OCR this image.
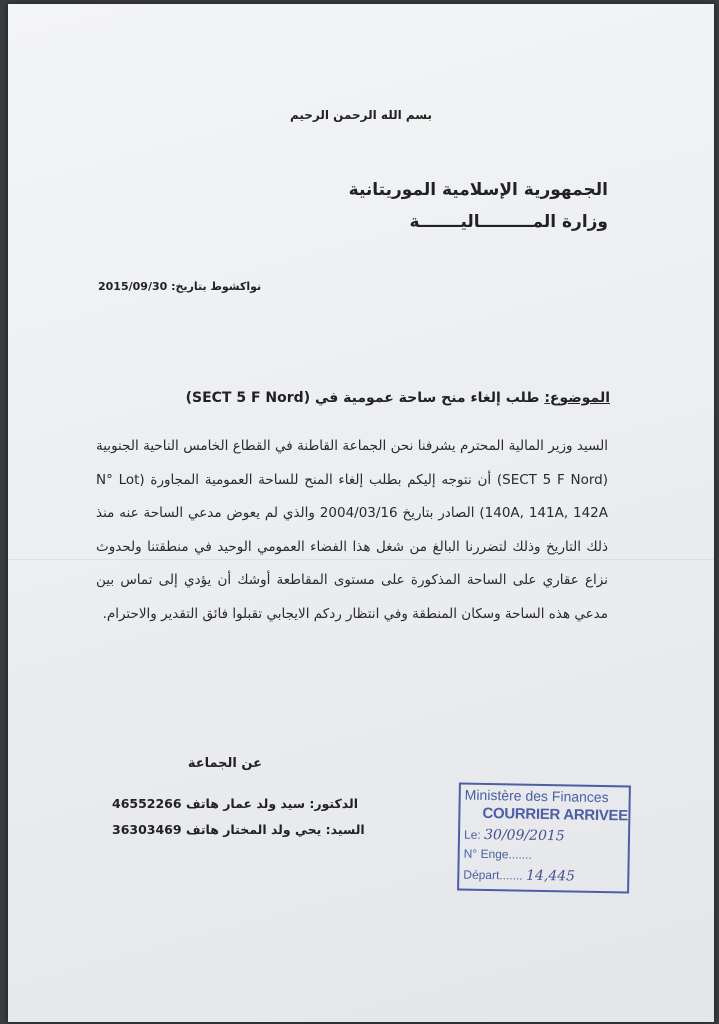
بسم الله الرحمن الرحيم
الجمهورية الإسلامية الموريتانية
وزارة المـــــــــاليـــــــة
نواكشوط بتاريخ: 2015/09/30
الموضوع: طلب إلغاء منح ساحة عمومية في (SECT 5 F Nord)
السيد وزير المالية المحترم يشرفنا نحن الجماعة القاطنة في القطاع الخامس الناحية الجنوبية (SECT 5 F Nord) أن نتوجه إليكم بطلب إلغاء المنح للساحة العمومية المجاورة (N° Lot 140A, 141A, 142A) الصادر بتاريخ 2004/03/16 والذي لم يعوض مدعي الساحة عنه منذ ذلك التاريخ وذلك لتضررنا البالغ من شغل هذا الفضاء العمومي الوحيد في منطقتنا ولحدوث نزاع عقاري على الساحة المذكورة على مستوى المقاطعة أوشك أن يؤدي إلى تماس بين مدعي هذه الساحة وسكان المنطقة وفي انتظار ردكم الايجابي تقبلوا فائق التقدير والاحترام.
عن الجماعة
الدكتور: سيد ولد عمار هاتف 46552266
السيد: يحي ولد المختار هاتف 36303469
Ministère des Finances
COURRIER ARRIVEE
Le: 30/09/2015
N° Enge.......
Départ....... 14,445
